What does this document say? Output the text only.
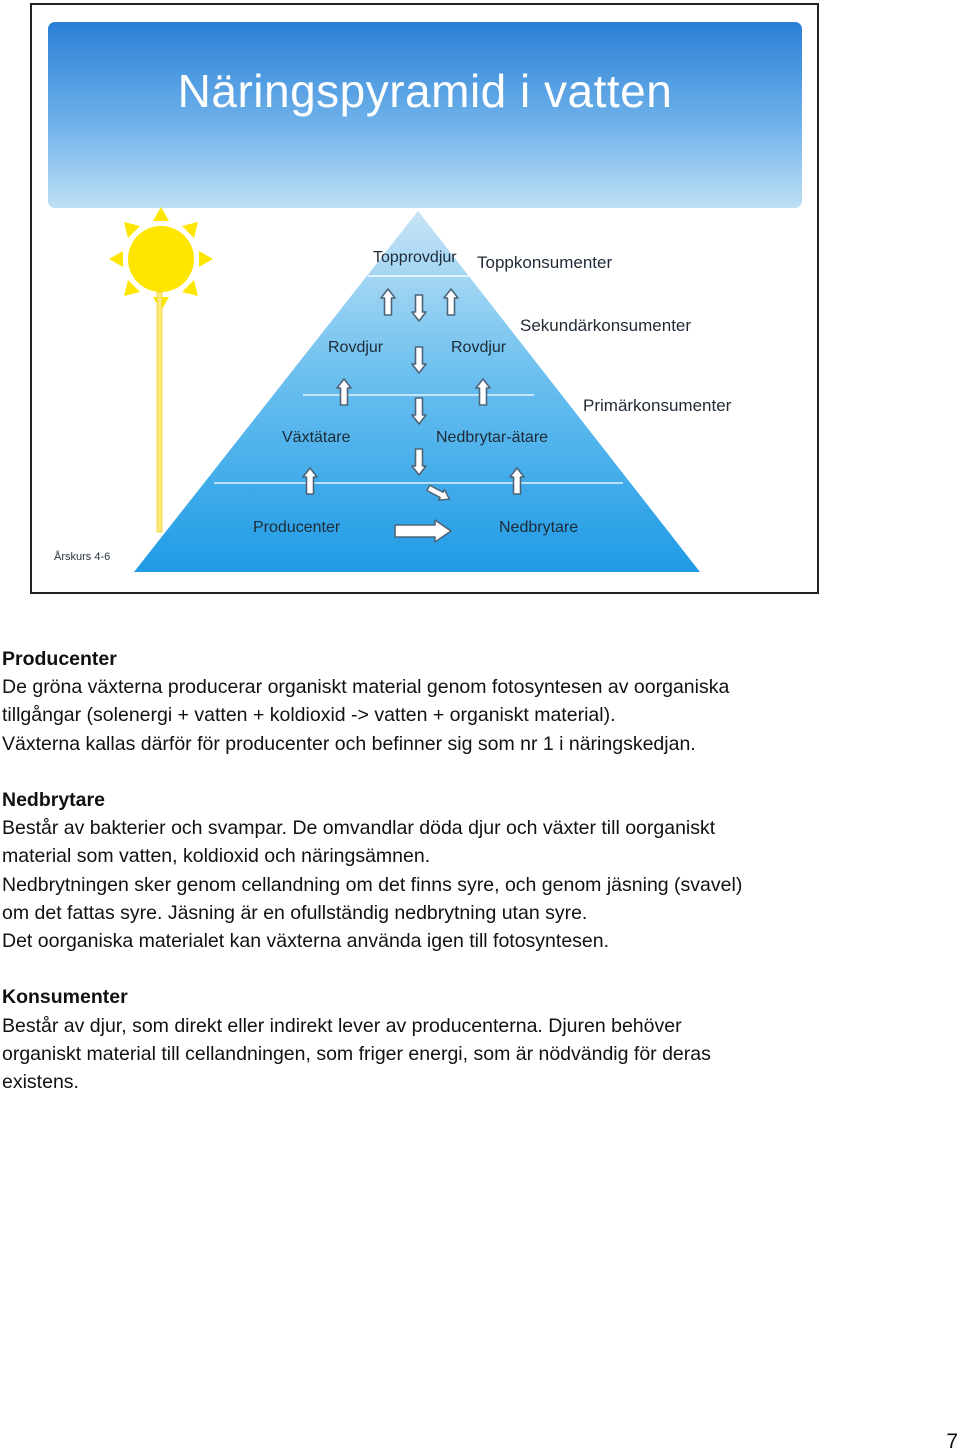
Näringspyramid i vatten
Topprovdjur
Rovdjur	Rovdjur
Växtätare	Nedbrytar-ätare
Producenter	Nedbrytare
Toppkonsumenter
Sekundärkonsumenter
Primärkonsumenter
Årskurs 4-6
Producenter

De gröna växterna producerar organiskt material genom fotosyntesen av oorganiska

tillgångar (solenergi + vatten + koldioxid -> vatten + organiskt material).

Växterna kallas därför för producenter och befinner sig som nr 1 i näringskedjan.

Nedbrytare

Består av bakterier och svampar. De omvandlar döda djur och växter till oorganiskt

material som vatten, koldioxid och näringsämnen.

Nedbrytningen sker genom cellandning om det finns syre, och genom jäsning (svavel)

om det fattas syre. Jäsning är en ofullständig nedbrytning utan syre.

Det oorganiska materialet kan växterna använda igen till fotosyntesen.

Konsumenter

Består av djur, som direkt eller indirekt lever av producenterna. Djuren behöver

organiskt material till cellandningen, som friger energi, som är nödvändig för deras

existens.

7
